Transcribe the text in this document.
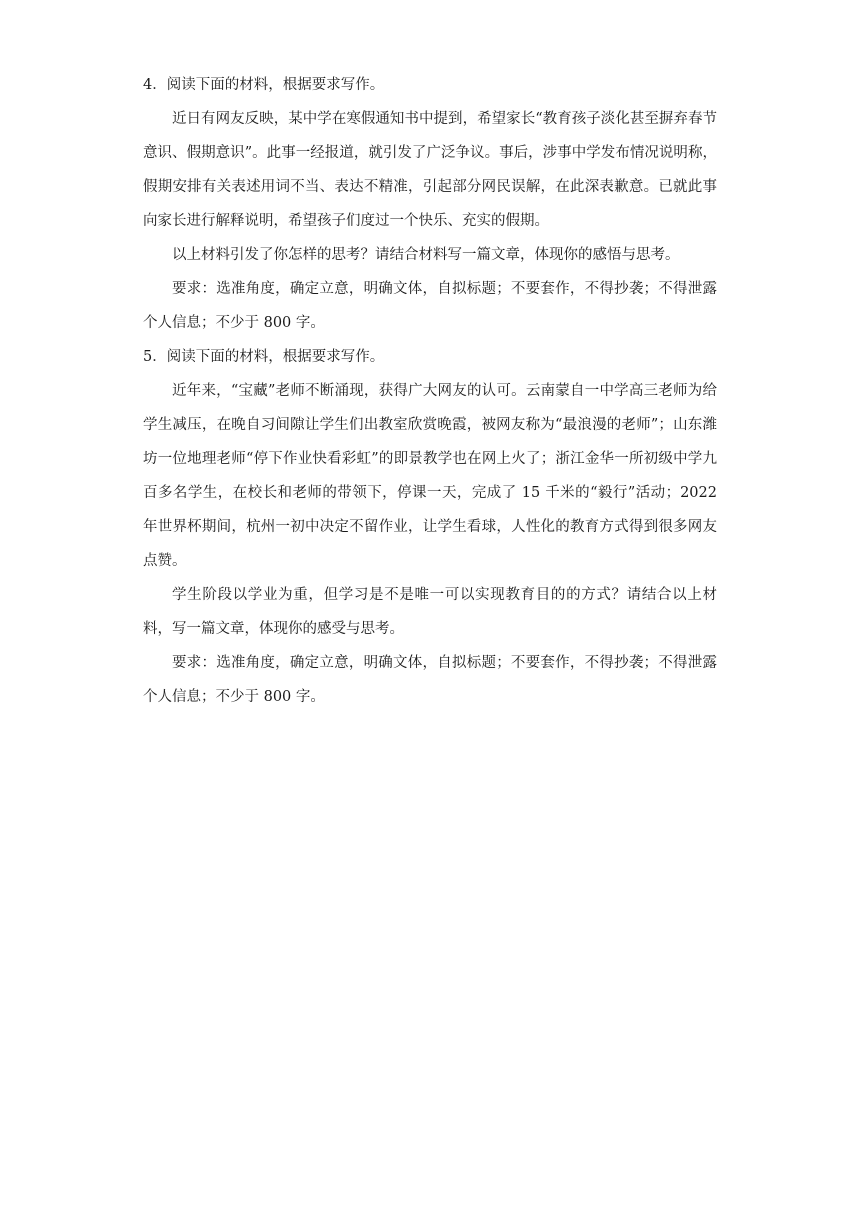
4．阅读下面的材料，根据要求写作。

近日有网友反映，某中学在寒假通知书中提到，希望家长“教育孩子淡化甚至摒弃春节意识、假期意识”。此事一经报道，就引发了广泛争议。事后，涉事中学发布情况说明称，假期安排有关表述用词不当、表达不精准，引起部分网民误解，在此深表歉意。已就此事向家长进行解释说明，希望孩子们度过一个快乐、充实的假期。

以上材料引发了你怎样的思考？请结合材料写一篇文章，体现你的感悟与思考。

要求：选准角度，确定立意，明确文体，自拟标题；不要套作，不得抄袭；不得泄露个人信息；不少于 800 字。

5．阅读下面的材料，根据要求写作。

近年来，“宝藏”老师不断涌现，获得广大网友的认可。云南蒙自一中学高三老师为给学生减压，在晚自习间隙让学生们出教室欣赏晚霞，被网友称为“最浪漫的老师”；山东潍坊一位地理老师“停下作业快看彩虹”的即景教学也在网上火了；浙江金华一所初级中学九百多名学生，在校长和老师的带领下，停课一天，完成了 15 千米的“毅行”活动；2022 年世界杯期间，杭州一初中决定不留作业，让学生看球，人性化的教育方式得到很多网友点赞。

学生阶段以学业为重，但学习是不是唯一可以实现教育目的的方式？请结合以上材料，写一篇文章，体现你的感受与思考。

要求：选准角度，确定立意，明确文体，自拟标题；不要套作，不得抄袭；不得泄露个人信息；不少于 800 字。
